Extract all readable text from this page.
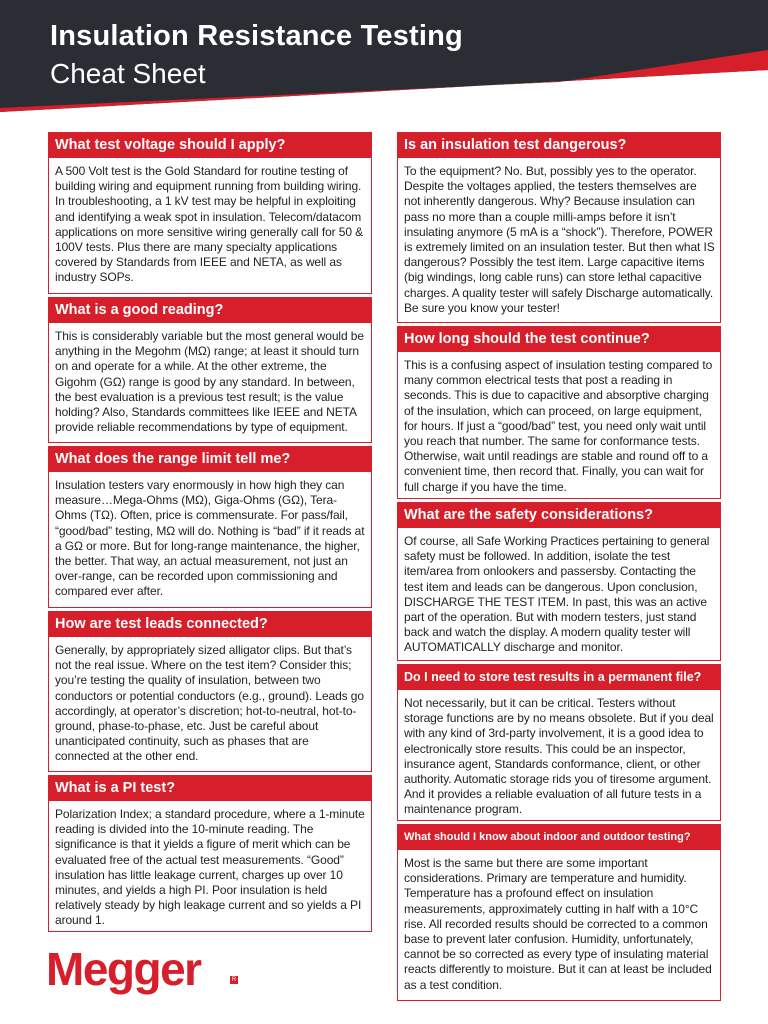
Insulation Resistance Testing
Cheat Sheet
What test voltage should I apply?
A 500 Volt test is the Gold Standard for routine testing of building wiring and equipment running from building wiring. In troubleshooting, a 1 kV test may be helpful in exploiting and identifying a weak spot in insulation. Telecom/datacom applications on more sensitive wiring generally call for 50 & 100V tests. Plus there are many specialty applications covered by Standards from IEEE and NETA, as well as industry SOPs.
What is a good reading?
This is considerably variable but the most general would be anything in the Megohm (MΩ) range; at least it should turn on and operate for a while. At the other extreme, the Gigohm (GΩ) range is good by any standard. In between, the best evaluation is a previous test result; is the value holding? Also, Standards committees like IEEE and NETA provide reliable recommendations by type of equipment.
What does the range limit tell me?
Insulation testers vary enormously in how high they can measure…Mega-Ohms (MΩ), Giga-Ohms (GΩ), Tera-Ohms (TΩ). Often, price is commensurate. For pass/fail, “good/bad” testing, MΩ will do. Nothing is “bad” if it reads at a GΩ or more. But for long-range maintenance, the higher, the better. That way, an actual measurement, not just an over-range, can be recorded upon commissioning and compared ever after.
How are test leads connected?
Generally, by appropriately sized alligator clips. But that’s not the real issue. Where on the test item? Consider this; you’re testing the quality of insulation, between two conductors or potential conductors (e.g., ground). Leads go accordingly, at operator’s discretion; hot-to-neutral, hot-to-ground, phase-to-phase, etc. Just be careful about unanticipated continuity, such as phases that are connected at the other end.
What is a PI test?
Polarization Index; a standard procedure, where a 1-minute reading is divided into the 10-minute reading. The significance is that it yields a figure of merit which can be evaluated free of the actual test measurements. “Good” insulation has little leakage current, charges up over 10 minutes, and yields a high PI. Poor insulation is held relatively steady by high leakage current and so yields a PI around 1.
Is an insulation test dangerous?
To the equipment? No. But, possibly yes to the operator. Despite the voltages applied, the testers themselves are not inherently dangerous. Why? Because insulation can pass no more than a couple milli-amps before it isn’t insulating anymore (5 mA is a “shock”). Therefore, POWER is extremely limited on an insulation tester. But then what IS dangerous? Possibly the test item. Large capacitive items (big windings, long cable runs) can store lethal capacitive charges. A quality tester will safely Discharge automatically. Be sure you know your tester!
How long should the test continue?
This is a confusing aspect of insulation testing compared to many common electrical tests that post a reading in seconds. This is due to capacitive and absorptive charging of the insulation, which can proceed, on large equipment, for hours. If just a “good/bad” test, you need only wait until you reach that number. The same for conformance tests. Otherwise, wait until readings are stable and round off to a convenient time, then record that. Finally, you can wait for full charge if you have the time.
What are the safety considerations?
Of course, all Safe Working Practices pertaining to general safety must be followed. In addition, isolate the test item/area from onlookers and passersby. Contacting the test item and leads can be dangerous. Upon conclusion, DISCHARGE THE TEST ITEM. In past, this was an active part of the operation. But with modern testers, just stand back and watch the display. A modern quality tester will AUTOMATICALLY discharge and monitor.
Do I need to store test results in a permanent file?
Not necessarily, but it can be critical. Testers without storage functions are by no means obsolete. But if you deal with any kind of 3rd-party involvement, it is a good idea to electronically store results. This could be an inspector, insurance agent, Standards conformance, client, or other authority. Automatic storage rids you of tiresome argument. And it provides a reliable evaluation of all future tests in a maintenance program.
What should I know about indoor and outdoor testing?
Most is the same but there are some important considerations. Primary are temperature and humidity. Temperature has a profound effect on insulation measurements, approximately cutting in half with a 10°C rise. All recorded results should be corrected to a common base to prevent later confusion. Humidity, unfortunately, cannot be so corrected as every type of insulating material reacts differently to moisture. But it can at least be included as a test condition.
Megger	R
